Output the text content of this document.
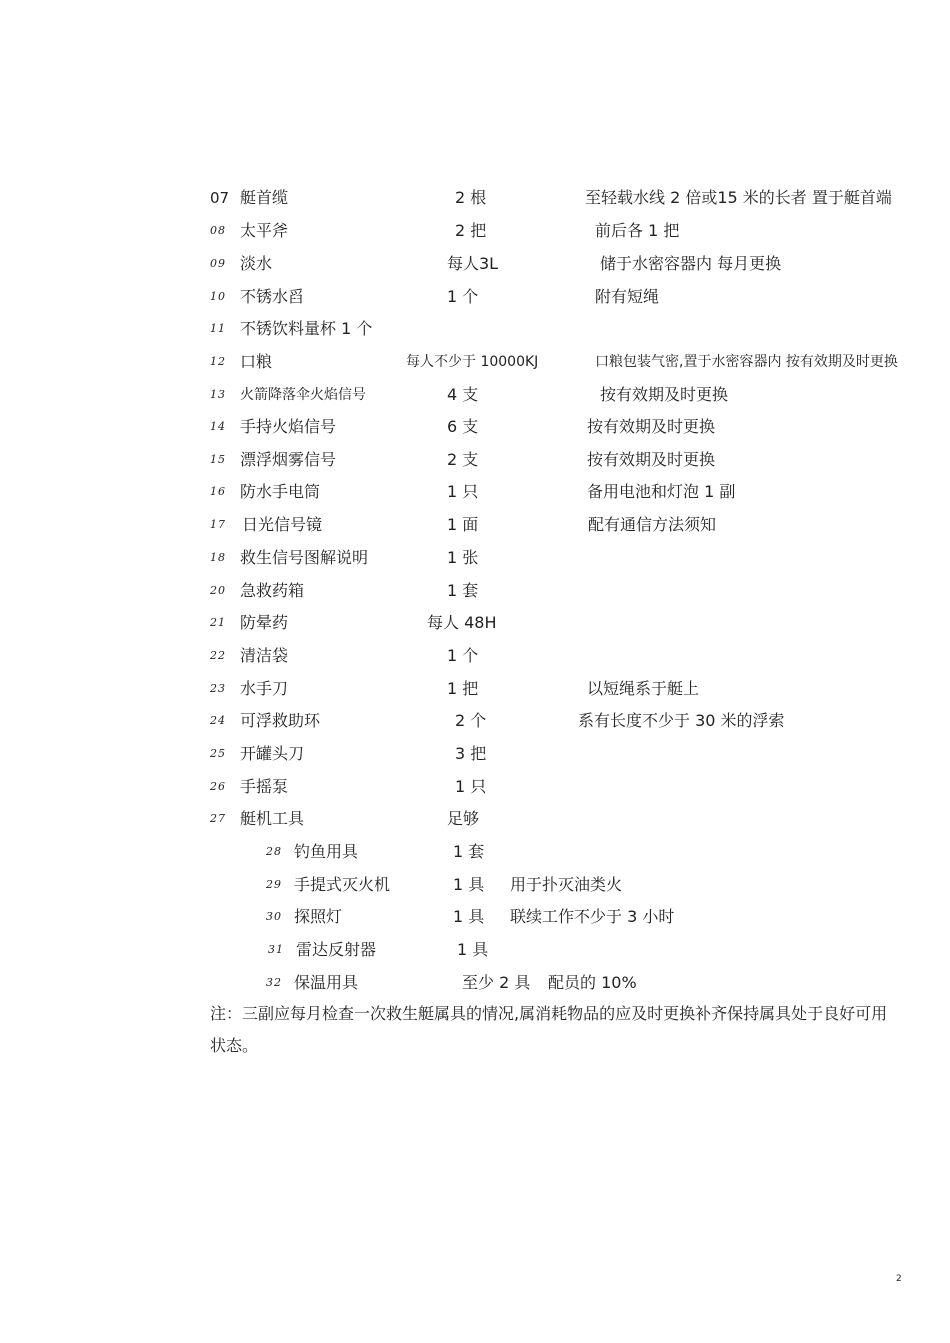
07 艇首缆	2 根	至轻载水线 2 倍或15 米的长者 置于艇首端
08 太平斧	2 把	前后各 1 把
09 淡水	每人3L	储于水密容器内 每月更换
10 不锈水舀	1 个	附有短绳
11 不锈饮料量杯 1 个
12 口粮	每人不少于 10000KJ	口粮包装气密,置于水密容器内 按有效期及时更换
13 火箭降落伞火焰信号	4 支	按有效期及时更换
14 手持火焰信号	6 支	按有效期及时更换
15 漂浮烟雾信号	2 支	按有效期及时更换
16 防水手电筒	1 只	备用电池和灯泡 1 副
17 日光信号镜	1 面	配有通信方法须知
18 救生信号图解说明	1 张
20 急救药箱	1 套
21 防晕药	每人 48H
22 清洁袋	1 个
23 水手刀	1 把	以短绳系于艇上
24 可浮救助环	2 个	系有长度不少于 30 米的浮索
25 开罐头刀	3 把
26 手摇泵	1 只
27 艇机工具	足够
28 钓鱼用具	1 套
29 手提式灭火机	1 具 用于扑灭油类火
30 探照灯	1 具 联续工作不少于 3 小时
31 雷达反射器	1 具
32 保温用具	至少 2 具 配员的 10%
注：三副应每月检查一次救生艇属具的情况,属消耗物品的应及时更换补齐保持属具处于良好可用状态。
2
